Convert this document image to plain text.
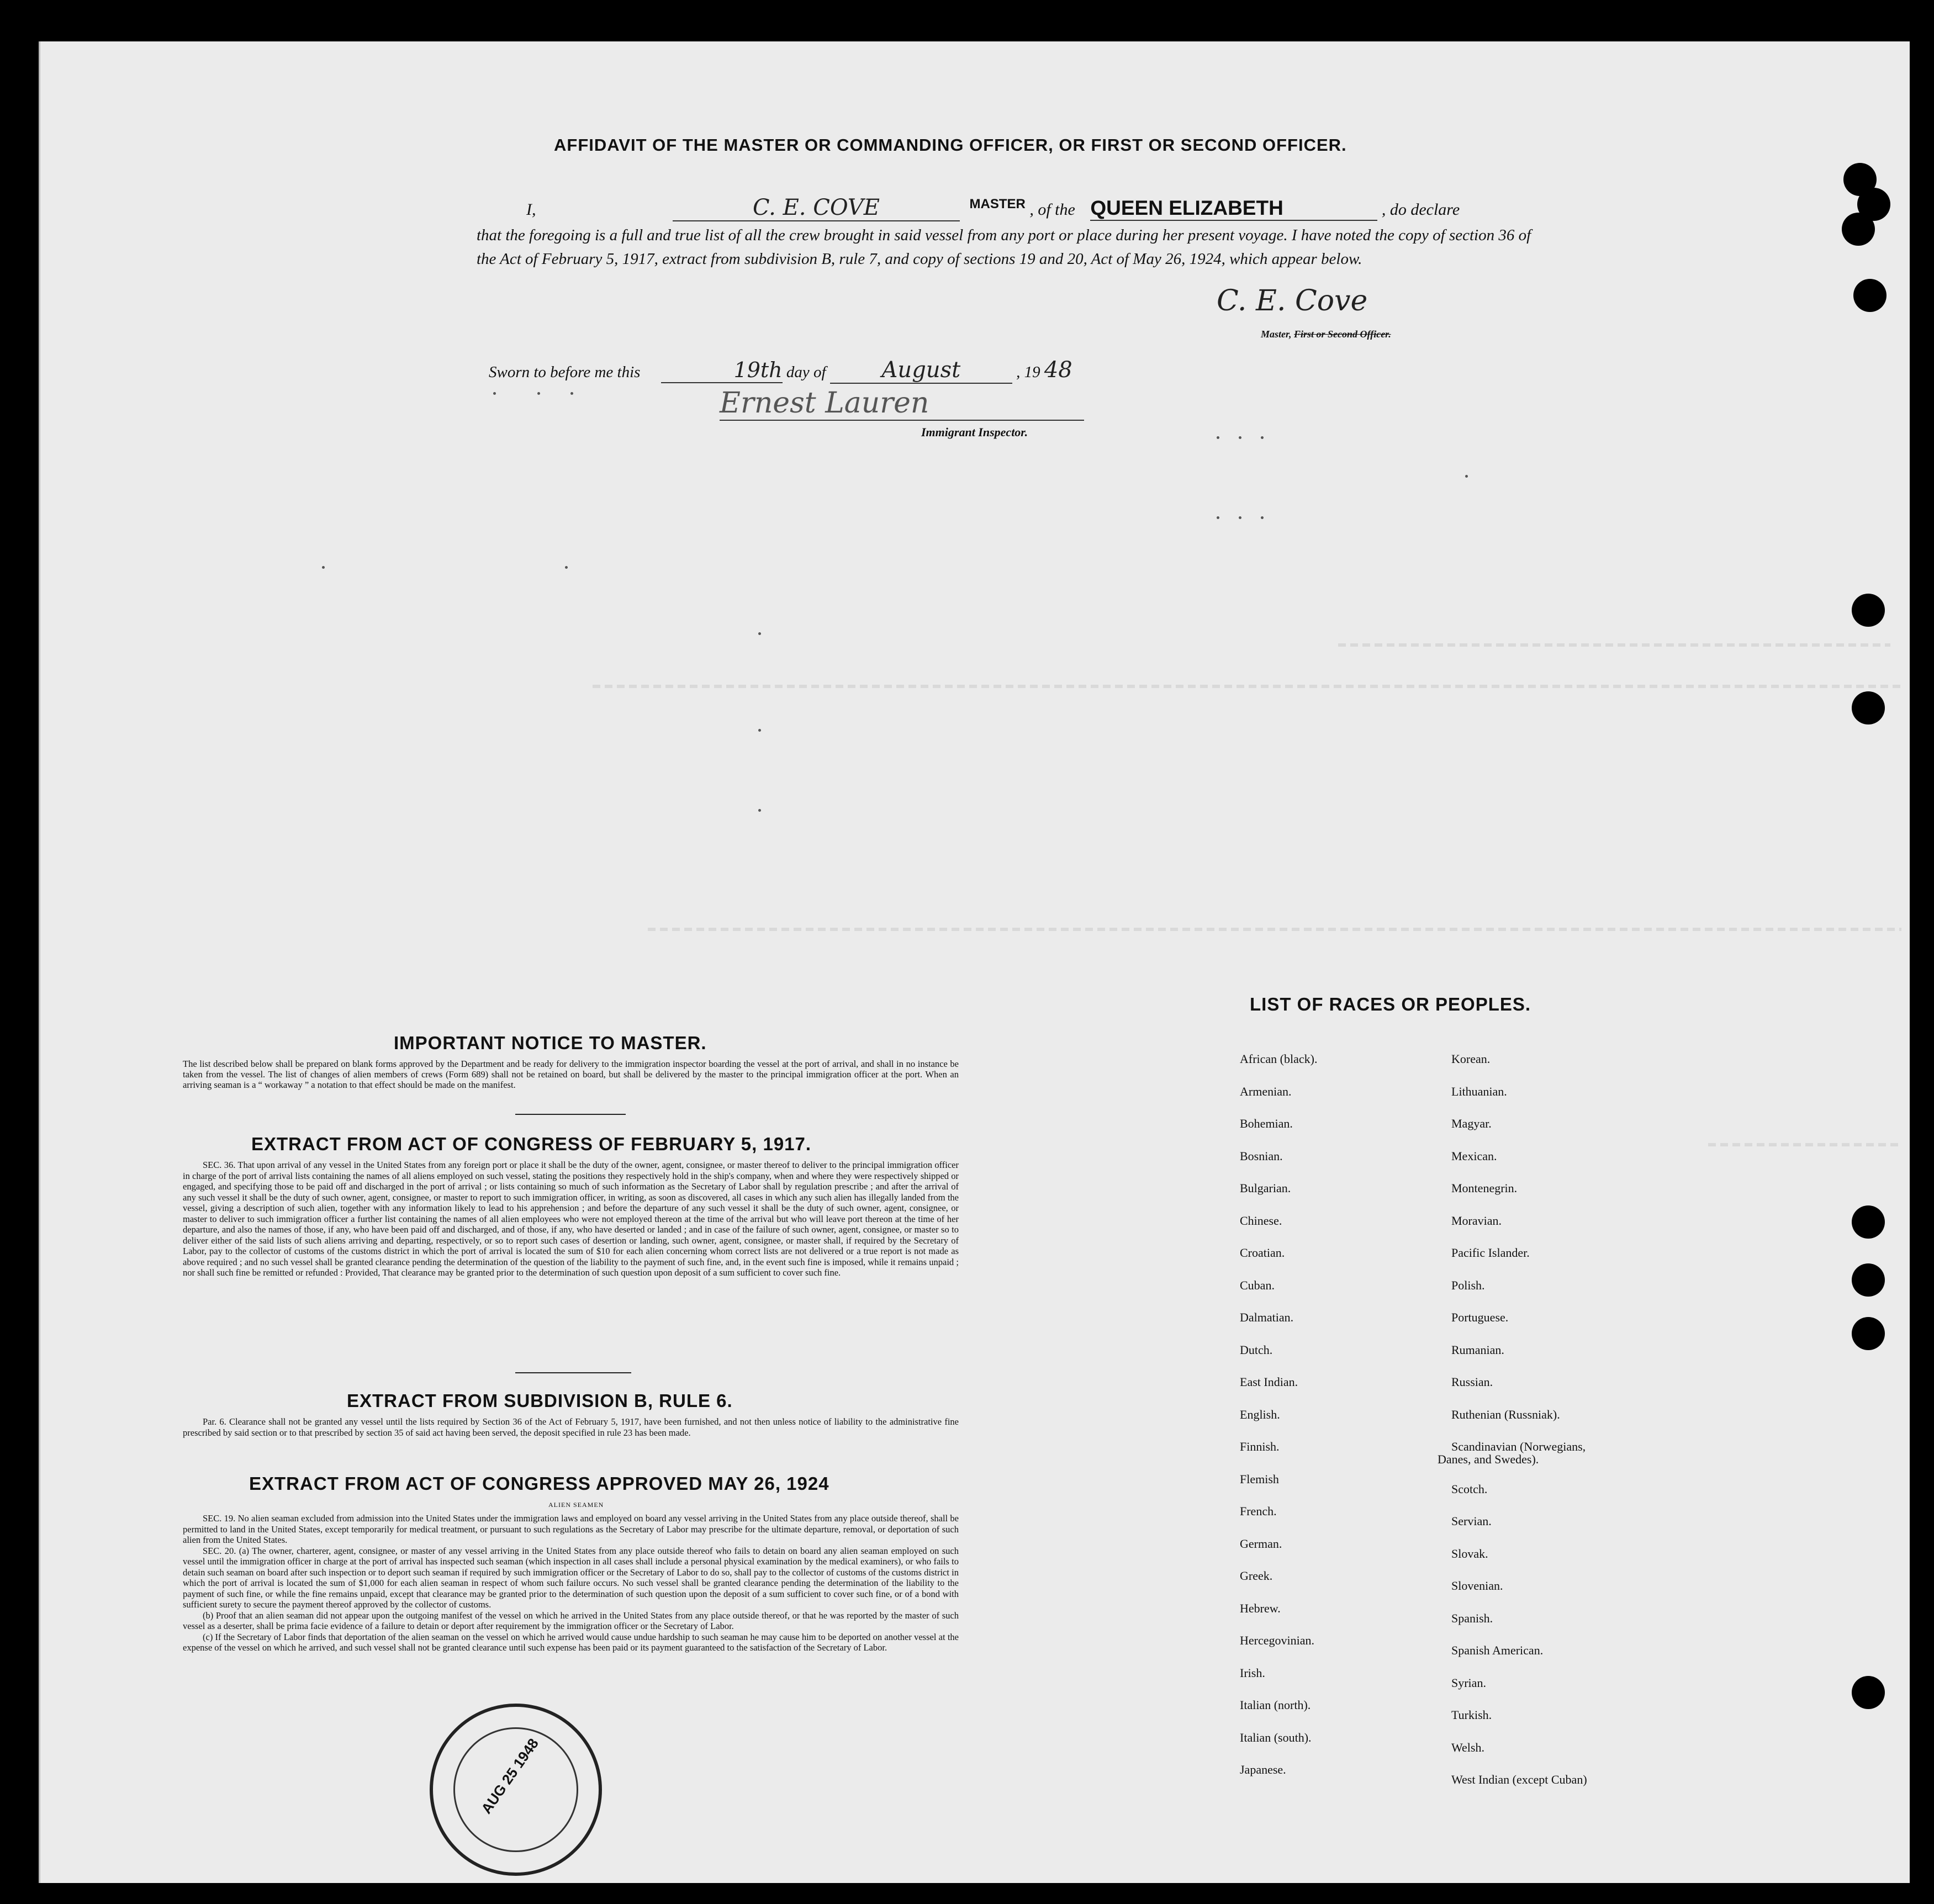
AFFIDAVIT OF THE MASTER OR COMMANDING OFFICER, OR FIRST OR SECOND OFFICER.
I,	C. E. COVE	$^{MASTER}$ , of the QUEEN ELIZABETH	, do declare
that the foregoing is a full and true list of all the crew brought in said vessel from any port or place during her present voyage. I have noted the copy of section 36 of the Act of February 5, 1917, extract from subdivision B, rule 7, and copy of sections 19 and 20, Act of May 26, 1924, which appear below.
C. E. Cove
Master, First or Second Officer.
Sworn to before me this	19th day of	August	, 19 48
Ernest Lauren
Immigrant Inspector.
IMPORTANT NOTICE TO MASTER.
The list described below shall be prepared on blank forms approved by the Department and be ready for delivery to the immigration inspector boarding the vessel at the port of arrival, and shall in no instance be taken from the vessel. The list of changes of alien members of crews (Form 689) shall not be retained on board, but shall be delivered by the master to the principal immigration officer at the port. When an arriving seaman is a “ workaway ” a notation to that effect should be made on the manifest.
EXTRACT FROM ACT OF CONGRESS OF FEBRUARY 5, 1917.

SEC. 36. That upon arrival of any vessel in the United States from any foreign port or place it shall be the duty of the owner, agent, consignee, or master thereof to deliver to the principal immigration officer in charge of the port of arrival lists containing the names of all aliens employed on such vessel, stating the positions they respectively hold in the ship's company, when and where they were respectively shipped or engaged, and specifying those to be paid off and discharged in the port of arrival ; or lists containing so much of such information as the Secretary of Labor shall by regulation prescribe ; and after the arrival of any such vessel it shall be the duty of such owner, agent, consignee, or master to report to such immigration officer, in writing, as soon as discovered, all cases in which any such alien has illegally landed from the vessel, giving a description of such alien, together with any information likely to lead to his apprehension ; and before the departure of any such vessel it shall be the duty of such owner, agent, consignee, or master to deliver to such immigration officer a further list containing the names of all alien employees who were not employed thereon at the time of the arrival but who will leave port thereon at the time of her departure, and also the names of those, if any, who have been paid off and discharged, and of those, if any, who have deserted or landed ; and in case of the failure of such owner, agent, consignee, or master so to deliver either of the said lists of such aliens arriving and departing, respectively, or so to report such cases of desertion or landing, such owner, agent, consignee, or master shall, if required by the Secretary of Labor, pay to the collector of customs of the customs district in which the port of arrival is located the sum of $10 for each alien concerning whom correct lists are not delivered or a true report is not made as above required ; and no such vessel shall be granted clearance pending the determination of the question of the liability to the payment of such fine, and, in the event such fine is imposed, while it remains unpaid ; nor shall such fine be remitted or refunded : Provided, That clearance may be granted prior to the determination of such question upon deposit of a sum sufficient to cover such fine.

EXTRACT FROM SUBDIVISION B, RULE 6.

Par. 6. Clearance shall not be granted any vessel until the lists required by Section 36 of the Act of February 5, 1917, have been furnished, and not then unless notice of liability to the administrative fine prescribed by said section or to that prescribed by section 35 of said act having been served, the deposit specified in rule 23 has been made.

EXTRACT FROM ACT OF CONGRESS APPROVED MAY 26, 1924
ALIEN SEAMEN

SEC. 19. No alien seaman excluded from admission into the United States under the immigration laws and employed on board any vessel arriving in the United States from any place outside thereof, shall be permitted to land in the United States, except temporarily for medical treatment, or pursuant to such regulations as the Secretary of Labor may prescribe for the ultimate departure, removal, or deportation of such alien from the United States.

SEC. 20. (a) The owner, charterer, agent, consignee, or master of any vessel arriving in the United States from any place outside thereof who fails to detain on board any alien seaman employed on such vessel until the immigration officer in charge at the port of arrival has inspected such seaman (which inspection in all cases shall include a personal physical examination by the medical examiners), or who fails to detain such seaman on board after such inspection or to deport such seaman if required by such immigration officer or the Secretary of Labor to do so, shall pay to the collector of customs of the customs district in which the port of arrival is located the sum of $1,000 for each alien seaman in respect of whom such failure occurs. No such vessel shall be granted clearance pending the determination of the liability to the payment of such fine, or while the fine remains unpaid, except that clearance may be granted prior to the determination of such question upon the deposit of a sum sufficient to cover such fine, or of a bond with sufficient surety to secure the payment thereof approved by the collector of customs.

(b) Proof that an alien seaman did not appear upon the outgoing manifest of the vessel on which he arrived in the United States from any place outside thereof, or that he was reported by the master of such vessel as a deserter, shall be prima facie evidence of a failure to detain or deport after requirement by the immigration officer or the Secretary of Labor.

(c) If the Secretary of Labor finds that deportation of the alien seaman on the vessel on which he arrived would cause undue hardship to such seaman he may cause him to be deported on another vessel at the expense of the vessel on which he arrived, and such vessel shall not be granted clearance until such expense has been paid or its payment guaranteed to the satisfaction of the Secretary of Labor.

AUG 25 1948
LIST OF RACES OR PEOPLES.
African (black).
Armenian.
Bohemian.
Bosnian.
Bulgarian.
Chinese.
Croatian.
Cuban.
Dalmatian.
Dutch.
East Indian.
English.
Finnish.
Flemish
French.
German.
Greek.
Hebrew.
Hercegovinian.
Irish.
Italian (north).
Italian (south).
Japanese.
Korean.
Lithuanian.
Magyar.
Mexican.
Montenegrin.
Moravian.
Pacific Islander.
Polish.
Portuguese.
Rumanian.
Russian.
Ruthenian (Russniak).
Scandinavian (Norwegians,
Scotch.
Servian.
Slovak.
Slovenian.
Spanish.
Spanish American.
Syrian.
Turkish.
Welsh.
West Indian (except Cuban)
Danes, and Swedes).
